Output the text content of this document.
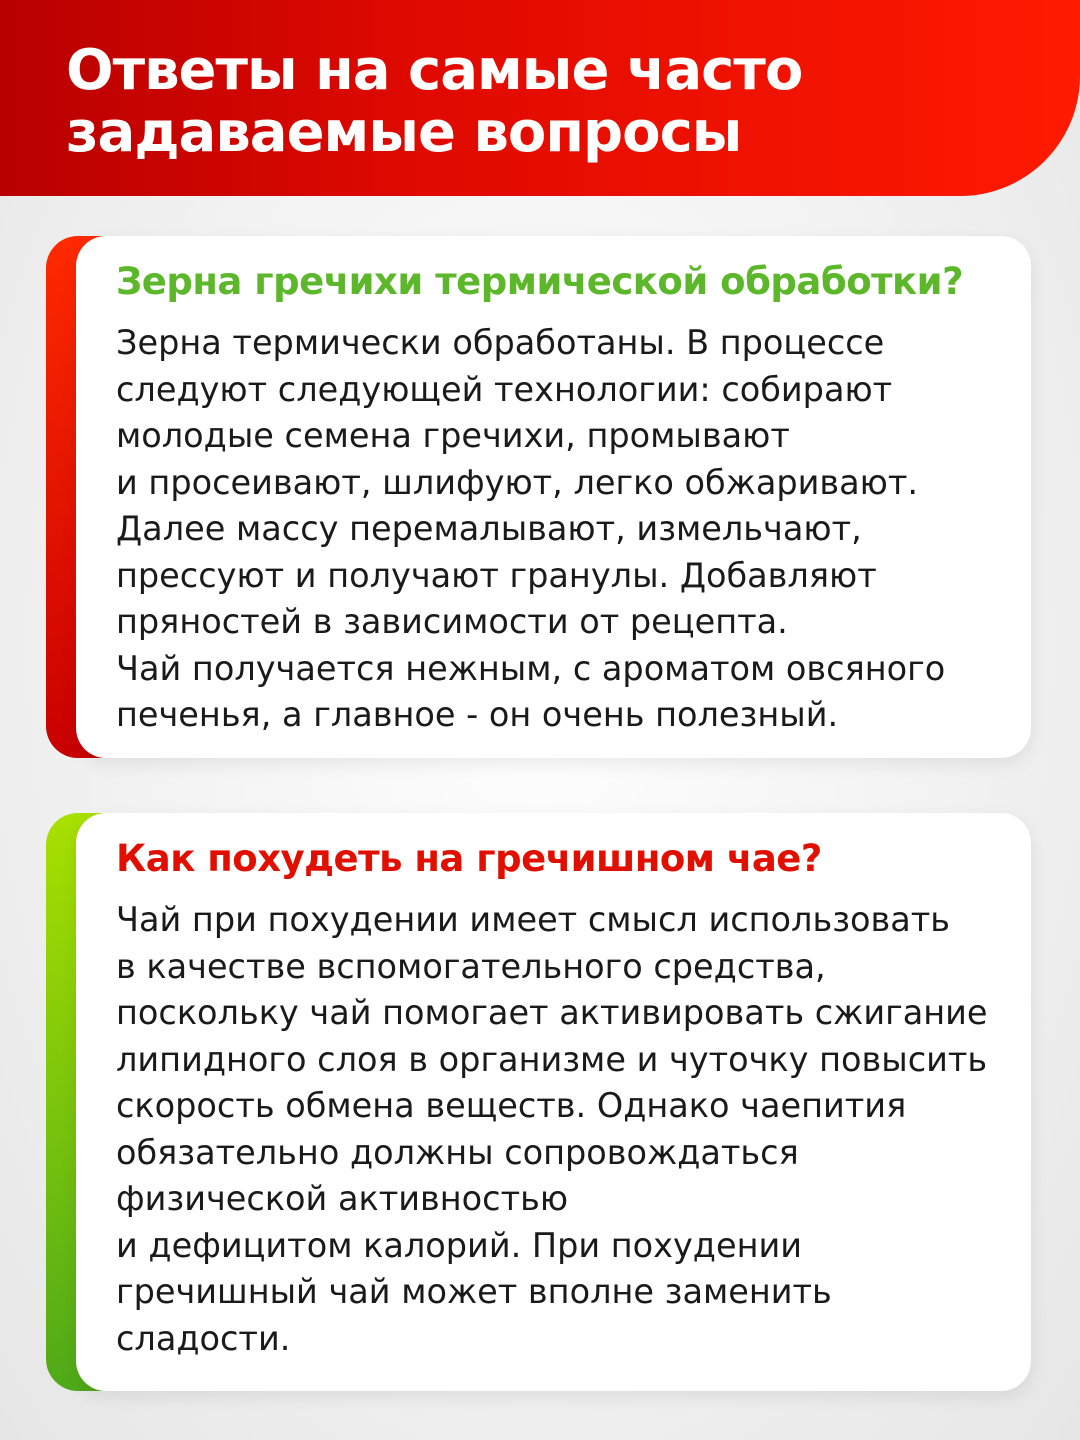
Ответы на самые часто
задаваемые вопросы
Зерна гречихи термической обработки?

Зерна термически обработаны. В процессе
следуют следующей технологии: собирают
молодые семена гречихи, промывают
и просеивают, шлифуют, легко обжаривают.
Далее массу перемалывают, измельчают,
прессуют и получают гранулы. Добавляют
пряностей в зависимости от рецепта.
Чай получается нежным, с ароматом овсяного
печенья, а главное - он очень полезный.

Как похудеть на гречишном чае?

Чай при похудении имеет смысл использовать
в качестве вспомогательного средства,
поскольку чай помогает активировать сжигание
липидного слоя в организме и чуточку повысить
скорость обмена веществ. Однако чаепития
обязательно должны сопровождаться
физической активностью
и дефицитом калорий. При похудении
гречишный чай может вполне заменить
сладости.
